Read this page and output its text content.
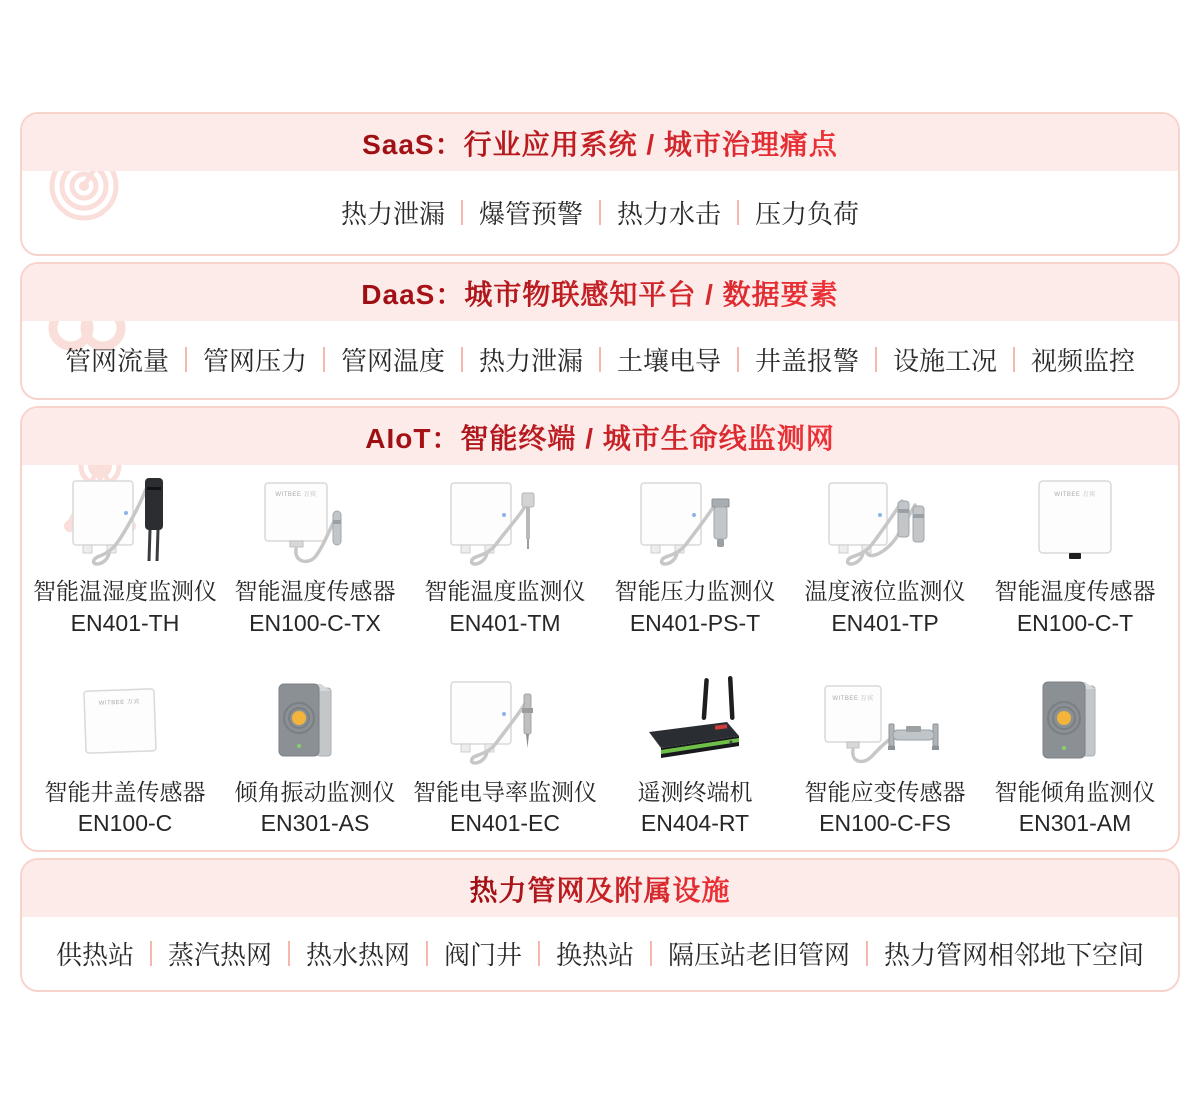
SaaS：行业应用系统 / 城市治理痛点
热力泄漏 爆管预警 热力水击 压力负荷
DaaS：城市物联感知平台 / 数据要素
管网流量 管网压力 管网温度 热力泄漏 土壤电导 井盖报警 设施工况 视频监控
AIoT：智能终端 / 城市生命线监测网
智能温湿度监测仪
EN401-TH
WITBEE 万宾
智能温度传感器
EN100-C-TX
智能温度监测仪
EN401-TM
智能压力监测仪
EN401-PS-T
温度液位监测仪
EN401-TP
WITBEE 万宾
智能温度传感器
EN100-C-T
WITBEE 万宾
智能井盖传感器
EN100-C
倾角振动监测仪
EN301-AS
智能电导率监测仪
EN401-EC
遥测终端机
EN404-RT
WITBEE 万宾
智能应变传感器
EN100-C-FS
智能倾角监测仪
EN301-AM
热力管网及附属设施
供热站 蒸汽热网 热水热网 阀门井 换热站 隔压站老旧管网 热力管网相邻地下空间
